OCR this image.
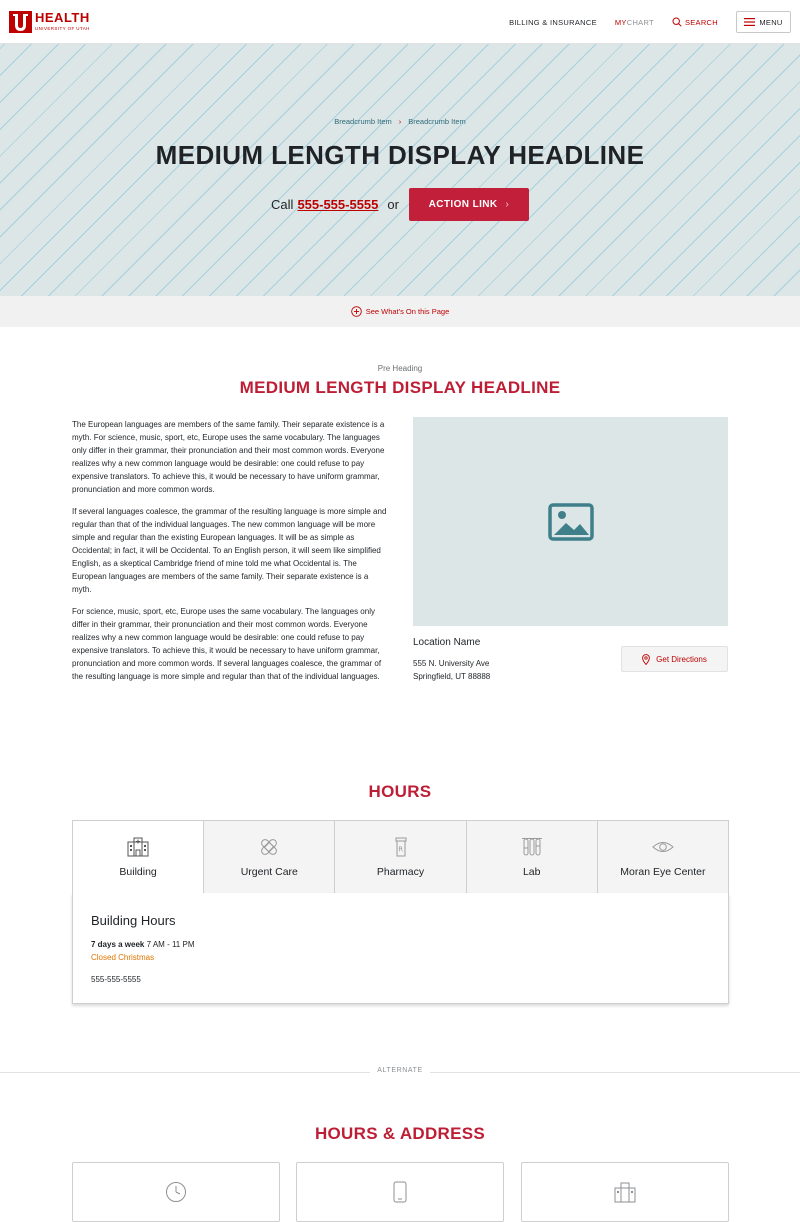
HEALTH
UNIVERSITY OF UTAH
BILLING & INSURANCE MYCHART	SEARCH	MENU
Breadcrumb Item › Breadcrumb Item
MEDIUM LENGTH DISPLAY HEADLINE
Call 555-555-5555 or	ACTION LINK ›
See What's On this Page
Pre Heading
MEDIUM LENGTH DISPLAY HEADLINE

The European languages are members of the same family. Their separate existence is a myth. For science, music, sport, etc, Europe uses the same vocabulary. The languages only differ in their grammar, their pronunciation and their most common words. Everyone realizes why a new common language would be desirable: one could refuse to pay expensive translators. To achieve this, it would be necessary to have uniform grammar, pronunciation and more common words.

If several languages coalesce, the grammar of the resulting language is more simple and regular than that of the individual languages. The new common language will be more simple and regular than the existing European languages. It will be as simple as Occidental; in fact, it will be Occidental. To an English person, it will seem like simplified English, as a skeptical Cambridge friend of mine told me what Occidental is. The European languages are members of the same family. Their separate existence is a myth.

For science, music, sport, etc, Europe uses the same vocabulary. The languages only differ in their grammar, their pronunciation and their most common words. Everyone realizes why a new common language would be desirable: one could refuse to pay expensive translators. To achieve this, it would be necessary to have uniform grammar, pronunciation and more common words. If several languages coalesce, the grammar of the resulting language is more simple and regular than that of the individual languages.

Location Name
555 N. University Ave
Springfield, UT 88888
Get Directions
HOURS
Building	Urgent Care
R
Pharmacy	Lab	Moran Eye Center
Building Hours
7 days a week 7 AM - 11 PM
Closed Christmas
555-555-5555
ALTERNATE
HOURS & ADDRESS
